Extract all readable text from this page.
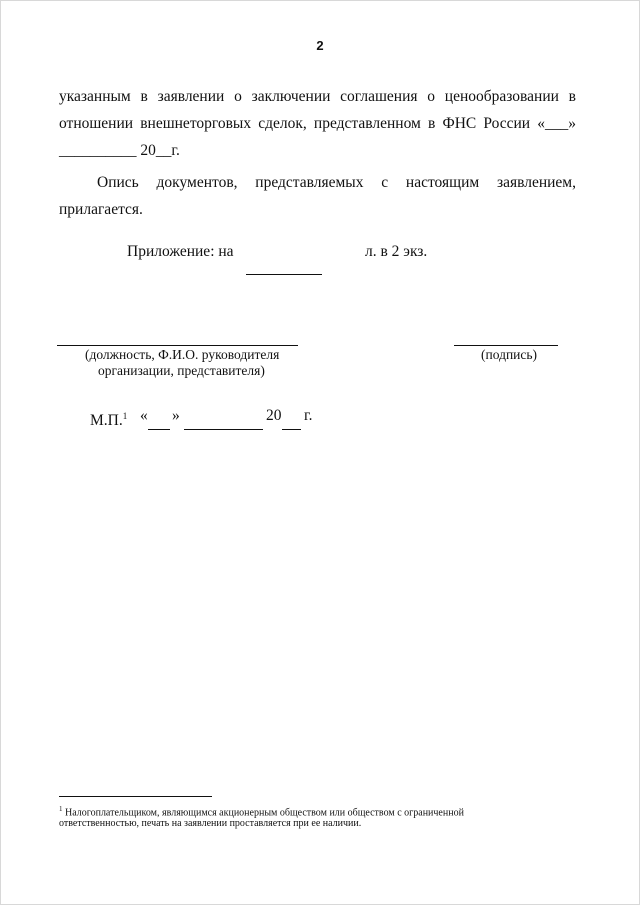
2
указанным в заявлении о заключении соглашения о ценообразовании в
отношении внешнеторговых сделок, представленном в ФНС России «___»
__________ 20__г.
Опись документов, представляемых с настоящим заявлением,
прилагается.
Приложение: на	л. в 2 экз.
(должность, Ф.И.О. руководителя
организации, представителя)
(подпись)
М.П.$^1$ « »	20 г.
$^1$ Налогоплательщиком, являющимся акционерным обществом или обществом с ограниченной
ответственностью, печать на заявлении проставляется при ее наличии.
